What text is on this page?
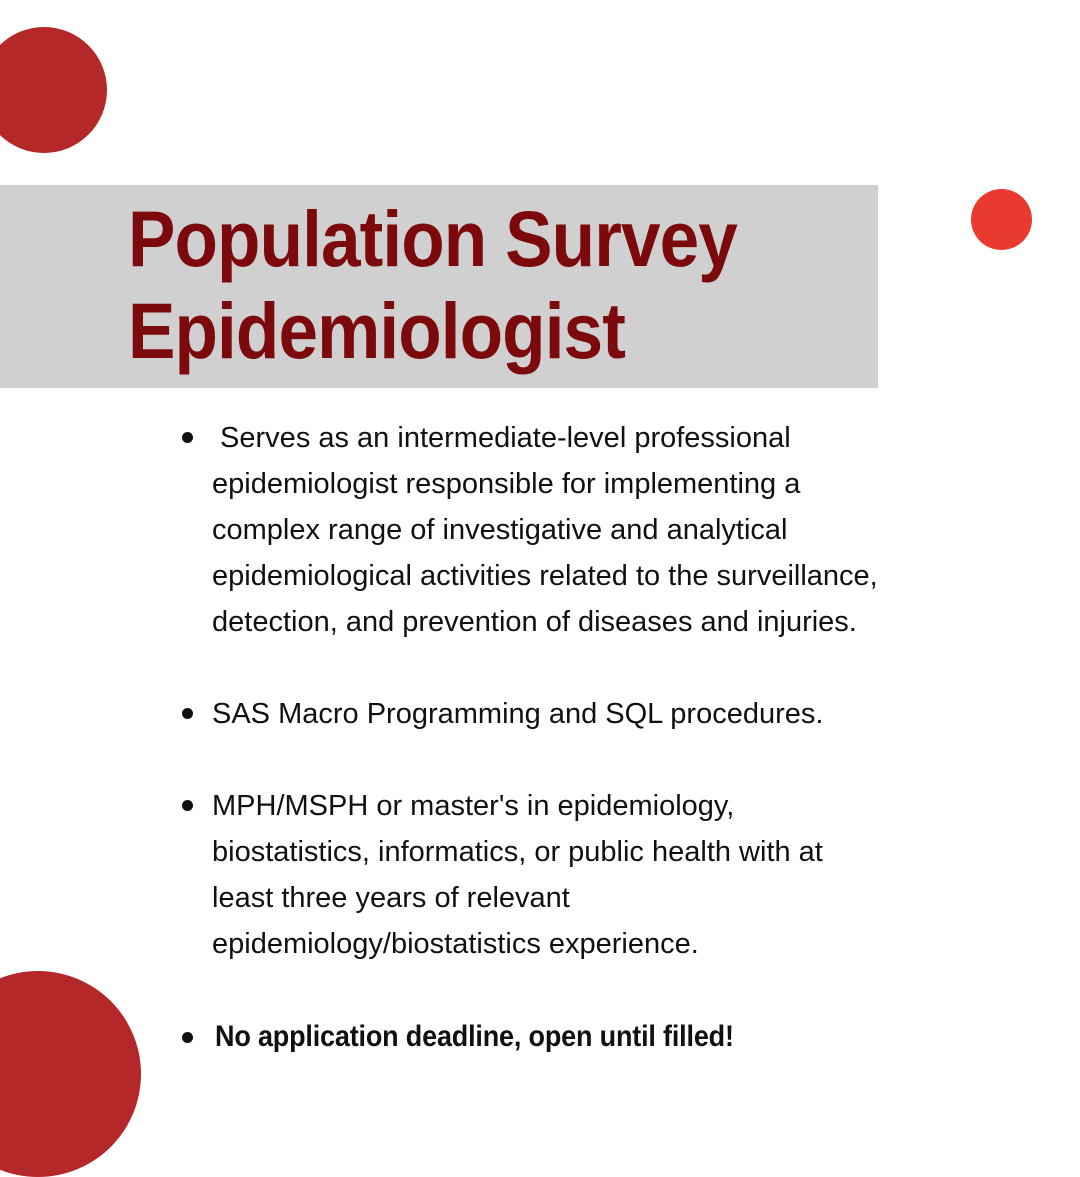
Population Survey
Epidemiologist
Serves as an intermediate-level professional
epidemiologist responsible for implementing a
complex range of investigative and analytical
epidemiological activities related to the surveillance,
detection, and prevention of diseases and injuries.
SAS Macro Programming and SQL procedures.
MPH/MSPH or master's in epidemiology,
biostatistics, informatics, or public health with at
least three years of relevant
epidemiology/biostatistics experience.
No application deadline, open until filled!
